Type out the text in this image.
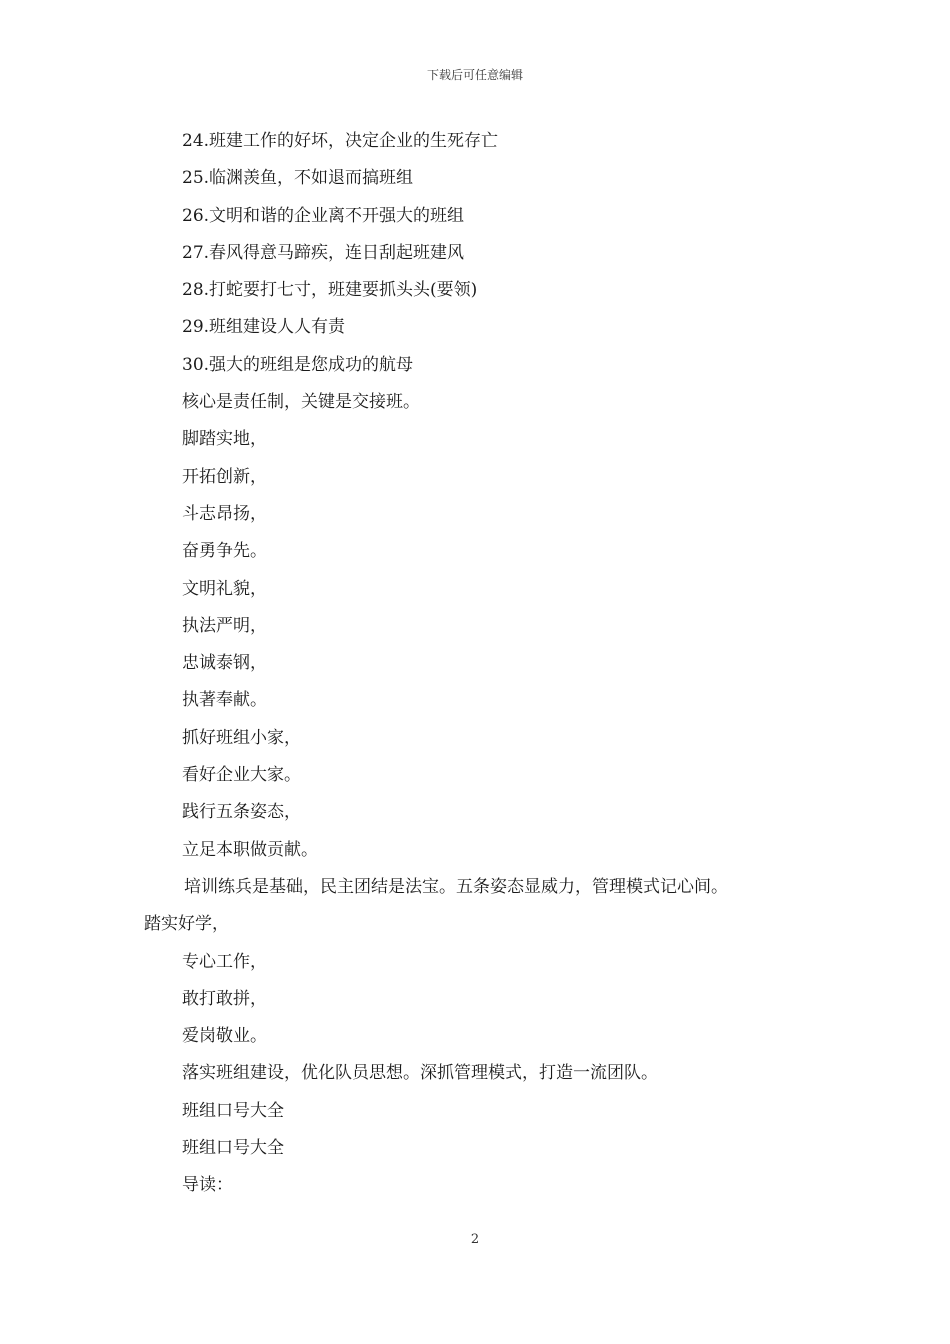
下载后可任意编辑
24.班建工作的好坏，决定企业的生死存亡
25.临渊羡鱼，不如退而搞班组
26.文明和谐的企业离不开强大的班组
27.春风得意马蹄疾，连日刮起班建风
28.打蛇要打七寸，班建要抓头头(要领)
29.班组建设人人有责
30.强大的班组是您成功的航母
核心是责任制，关键是交接班。
脚踏实地，
开拓创新，
斗志昂扬，
奋勇争先。
文明礼貌，
执法严明，
忠诚泰钢，
执著奉献。
抓好班组小家，
看好企业大家。
践行五条姿态，
立足本职做贡献。
培训练兵是基础，民主团结是法宝。五条姿态显威力，管理模式记心间。
踏实好学，
专心工作，
敢打敢拼，
爱岗敬业。
落实班组建设，优化队员思想。深抓管理模式，打造一流团队。
班组口号大全
班组口号大全
导读：
2
